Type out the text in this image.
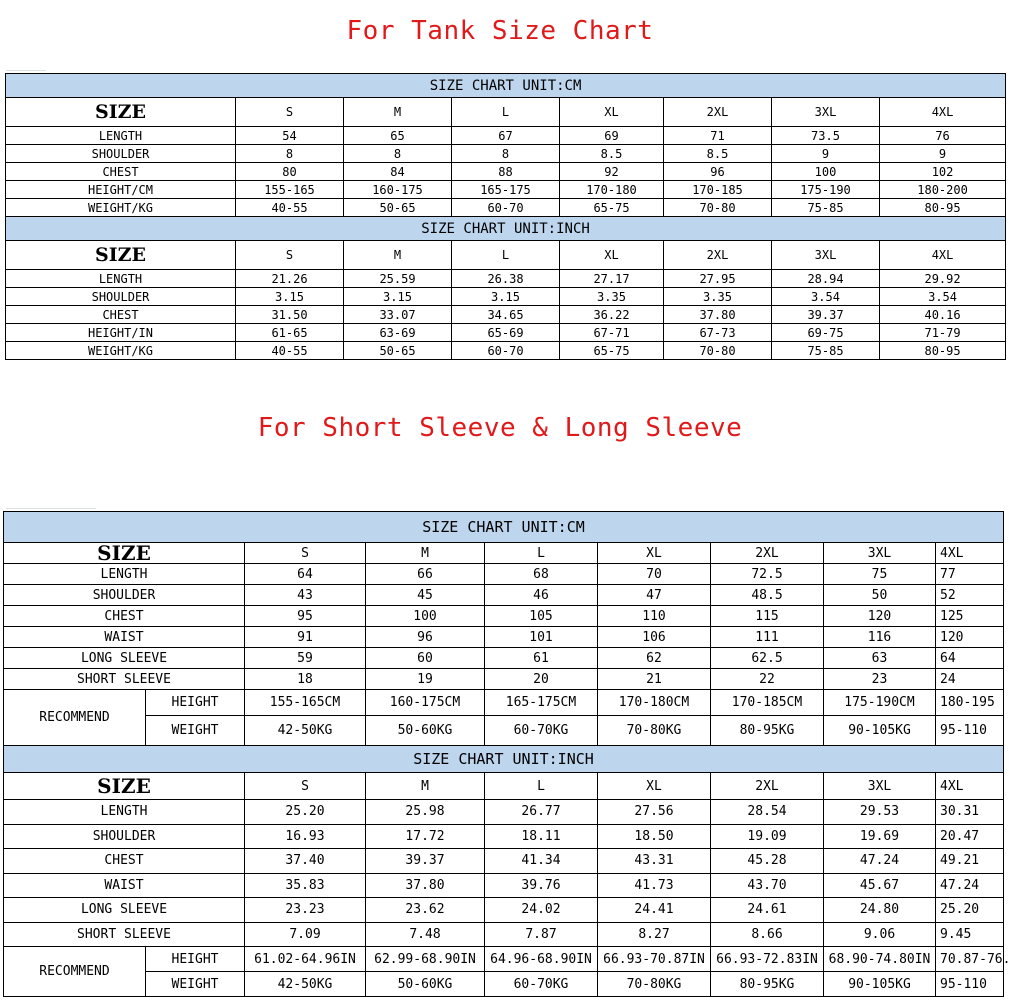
For Tank Size Chart
SIZE CHART UNIT:CM							
SIZE	S	M	L	XL	2XL	3XL	4XL
LENGTH	54	65	67	69	71	73.5	76
SHOULDER	8	8	8	8.5	8.5	9	9
CHEST	80	84	88	92	96	100	102
HEIGHT/CM	155-165	160-175	165-175	170-180	170-185	175-190	180-200
WEIGHT/KG	40-55	50-65	60-70	65-75	70-80	75-85	80-95
SIZE CHART UNIT:INCH							
SIZE	S	M	L	XL	2XL	3XL	4XL
LENGTH	21.26	25.59	26.38	27.17	27.95	28.94	29.92
SHOULDER	3.15	3.15	3.15	3.35	3.35	3.54	3.54
CHEST	31.50	33.07	34.65	36.22	37.80	39.37	40.16
HEIGHT/IN	61-65	63-69	65-69	67-71	67-73	69-75	71-79
WEIGHT/KG	40-55	50-65	60-70	65-75	70-80	75-85	80-95
For Short Sleeve & Long Sleeve
SIZE CHART UNIT:CM								
SIZE		S	M	L	XL	2XL	3XL	4XL
LENGTH		64	66	68	70	72.5	75	77
SHOULDER		43	45	46	47	48.5	50	52
CHEST		95	100	105	110	115	120	125
WAIST		91	96	101	106	111	116	120
LONG SLEEVE		59	60	61	62	62.5	63	64
SHORT SLEEVE		18	19	20	21	22	23	24
RECOMMEND	HEIGHT	155-165CM	160-175CM	165-175CM	170-180CM	170-185CM	175-190CM	180-195
	WEIGHT	42-50KG	50-60KG	60-70KG	70-80KG	80-95KG	90-105KG	95-110
SIZE CHART UNIT:INCH								
SIZE		S	M	L	XL	2XL	3XL	4XL
LENGTH		25.20	25.98	26.77	27.56	28.54	29.53	30.31
SHOULDER		16.93	17.72	18.11	18.50	19.09	19.69	20.47
CHEST		37.40	39.37	41.34	43.31	45.28	47.24	49.21
WAIST		35.83	37.80	39.76	41.73	43.70	45.67	47.24
LONG SLEEVE		23.23	23.62	24.02	24.41	24.61	24.80	25.20
SHORT SLEEVE		7.09	7.48	7.87	8.27	8.66	9.06	9.45
RECOMMEND	HEIGHT	61.02-64.96IN	62.99-68.90IN	64.96-68.90IN	66.93-70.87IN	66.93-72.83IN	68.90-74.80IN	70.87-76.
	WEIGHT	42-50KG	50-60KG	60-70KG	70-80KG	80-95KG	90-105KG	95-110
